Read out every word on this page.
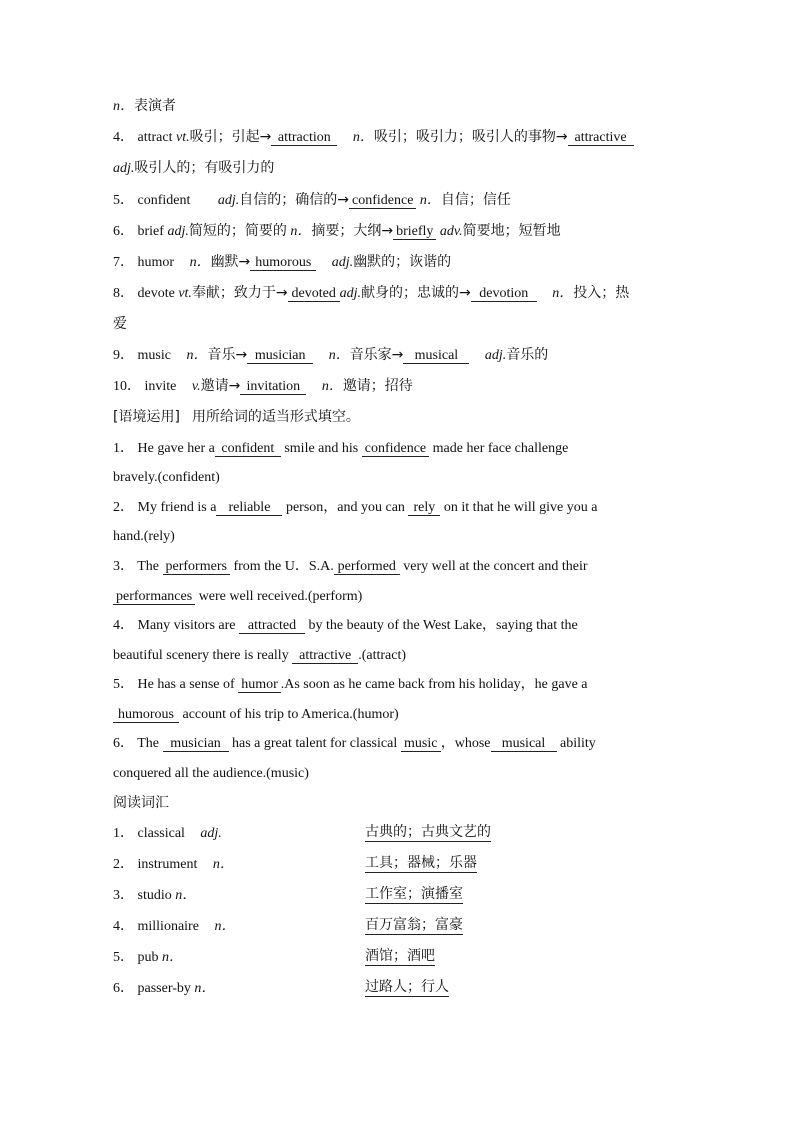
n．表演者
4． attract vt.吸引；引起→ attraction n．吸引；吸引力；吸引人的事物→ attractive
adj.吸引人的；有吸引力的
5． confident adj.自信的；确信的→ confidence n．自信；信任
6． brief adj.简短的；简要的 n．摘要；大纲→ briefly adv.简要地；短暂地
7． humor n．幽默→ humorous adj.幽默的；诙谐的
8． devote vt.奉献；致力于→ devoted adj.献身的；忠诚的→ devotion n．投入；热
爱
9． music n．音乐→ musician n．音乐家→ musical adj.音乐的
10． invite v.邀请→ invitation n．邀请；招待
[语境运用] 用所给词的适当形式填空。
1． He gave her a confident smile and his confidence made her face challenge
bravely.(confident)
2． My friend is a reliable person，and you can rely on it that he will give you a
hand.(rely)
3． The performers from the U．S.A. performed very well at the concert and their
performances were well received.(perform)
4． Many visitors are attracted by the beauty of the West Lake，saying that the
beautiful scenery there is really attractive .(attract)
5． He has a sense of humor .As soon as he came back from his holiday，he gave a
humorous account of his trip to America.(humor)
6． The musician has a great talent for classical music ，whose musical ability
conquered all the audience.(music)
阅读词汇
1． classical adj.	古典的；古典文艺的
2． instrument n．	工具；器械；乐器
3． studio n．	工作室；演播室
4． millionaire n．	百万富翁；富豪
5． pub n．	酒馆；酒吧
6． passer-by n．	过路人；行人
